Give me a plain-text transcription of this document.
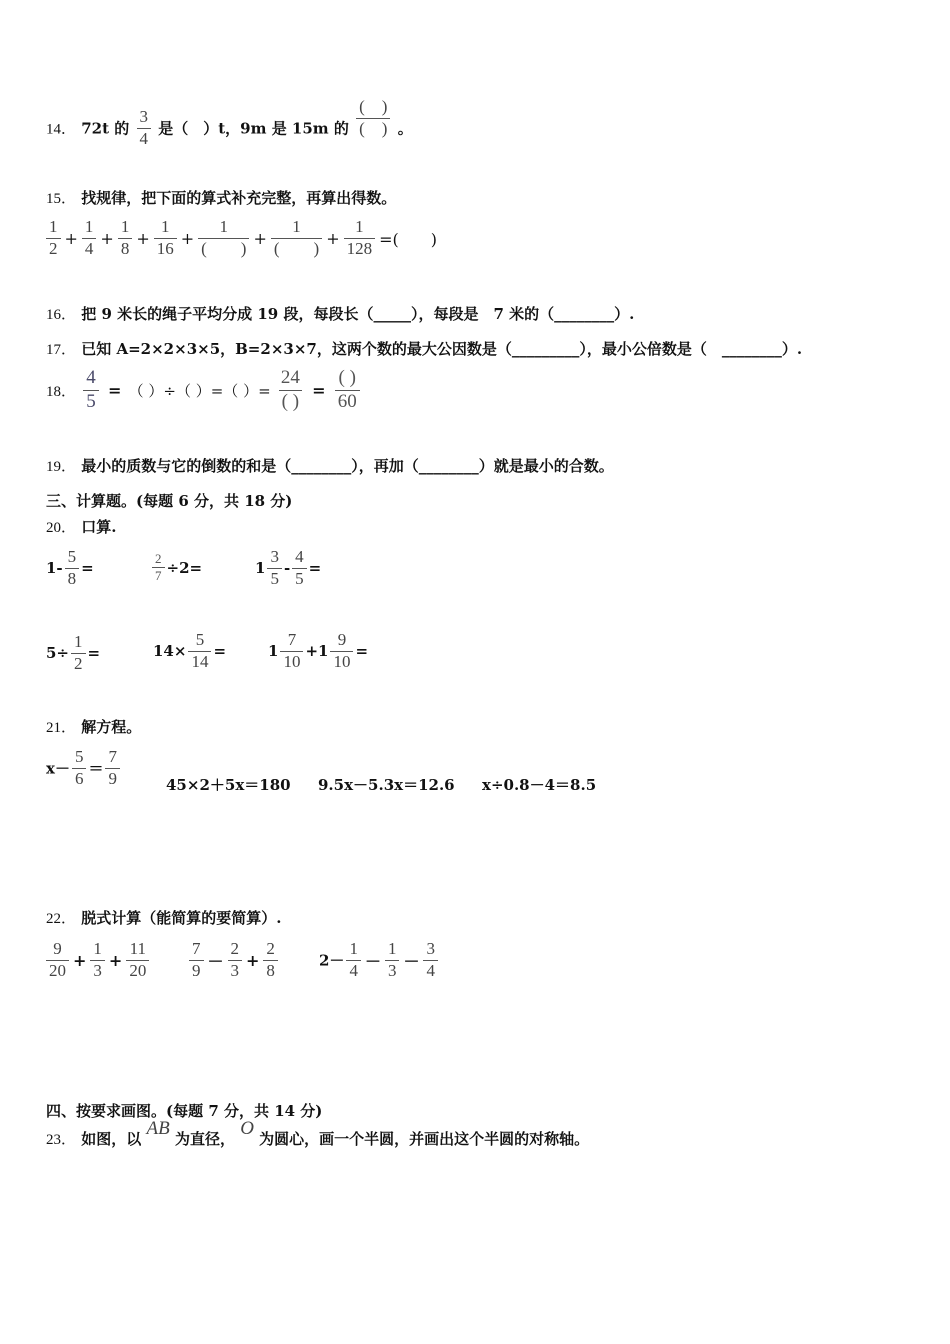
14． 72t 的 $\frac{3}{4}$ 是（　）t，9m 是 15m 的 $\frac{( )}{( )}$ 。
15． 找规律，把下面的算式补充完整，再算出得数。
$\frac{1}{2} + \frac{1}{4} + \frac{1}{8} + \frac{1}{16} + \frac{1}{( )} + \frac{1}{( )} + \frac{1}{128}$ =(　　)
16． 把 9 米长的绳子平均分成 19 段，每段长（_____），每段是　7 米的（________）.
17． 已知 A=2×2×3×5，B=2×3×7，这两个数的最大公因数是（_________），最小公倍数是（　________）.
18． $\frac{4}{5}$ = （ ）÷（ ）=（ ）= $\frac{24}{( )} = \frac{( )}{60}$
19． 最小的质数与它的倒数的和是（________），再加（________）就是最小的合数。
三、计算题。(每题 6 分，共 18 分)
20． 口算.
$1- \frac{5}{8}$ =	$\frac{2}{7} \div 2=$	$1 \frac{3}{5} - \frac{4}{5}$ =
$5\div \frac{1}{2}$ =	$14\times \frac{5}{14}$ =	$1 \frac{7}{10} +1 \frac{9}{10}$ =
21． 解方程。
$x- \frac{5}{6} = \frac{7}{9}$	45×2＋5x＝180 9.5x－5.3x＝12.6 x÷0.8－4＝8.5
22． 脱式计算（能简算的要简算）.
$\frac{9}{20} + \frac{1}{3} + \frac{11}{20} \frac{7}{9} - \frac{2}{3} + \frac{2}{8}$	$2- \frac{1}{4} - \frac{1}{3} - \frac{3}{4}$
四、按要求画图。(每题 7 分，共 14 分)
23． 如图，以 AB 为直径， O 为圆心，画一个半圆，并画出这个半圆的对称轴。
